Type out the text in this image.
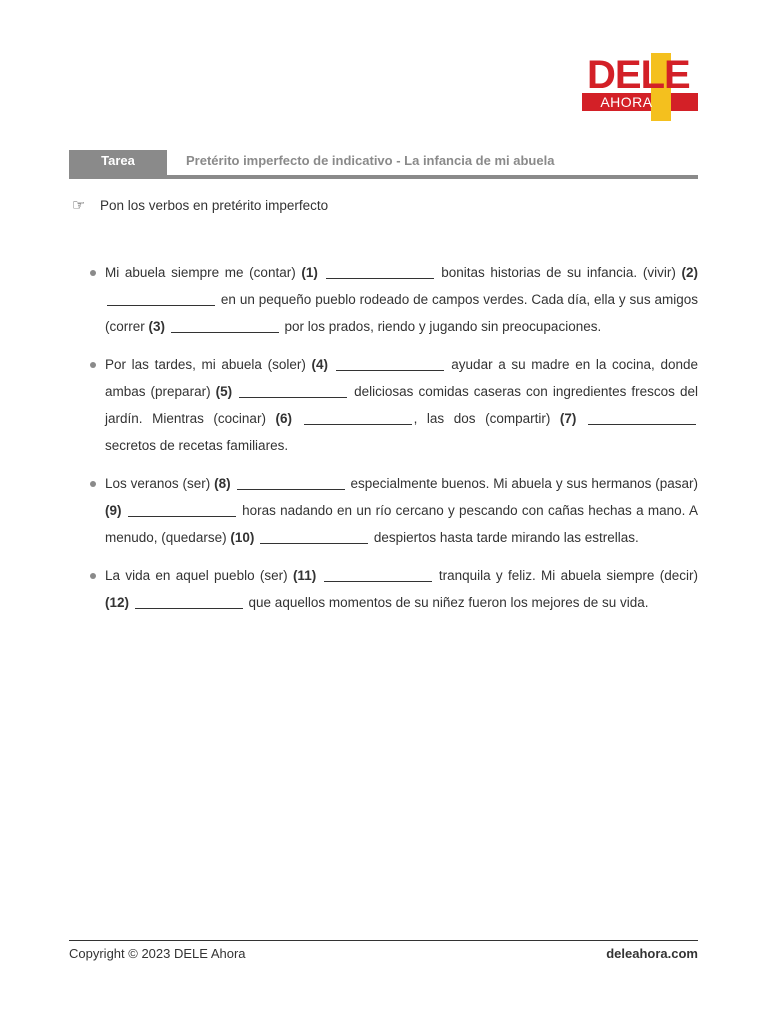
DELE
AHORA
Tarea	Pretérito imperfecto de indicativo - La infancia de mi abuela
☞ Pon los verbos en pretérito imperfecto
Mi abuela siempre me (contar) (1)	bonitas historias de su infancia. (vivir) (2)  en un pequeño pueblo rodeado de campos verdes. Cada día, ella y sus amigos (correr (3)	por los prados, riendo y jugando sin preocupaciones.
Por las tardes, mi abuela (soler) (4)	ayudar a su madre en la cocina, donde ambas (preparar) (5)	deliciosas comidas caseras con ingredientes frescos del jardín. Mientras (cocinar) (6)	, las dos (compartir) (7)  secretos de recetas familiares.
Los veranos (ser) (8)	especialmente buenos. Mi abuela y sus hermanos (pasar) (9)	horas nadando en un río cercano y pescando con cañas hechas a mano. A menudo, (quedarse) (10)	despiertos hasta tarde mirando las estrellas.
La vida en aquel pueblo (ser) (11)	tranquila y feliz. Mi abuela siempre (decir) (12)	que aquellos momentos de su niñez fueron los mejores de su vida.
Copyright © 2023 DELE Ahora	deleahora.com
